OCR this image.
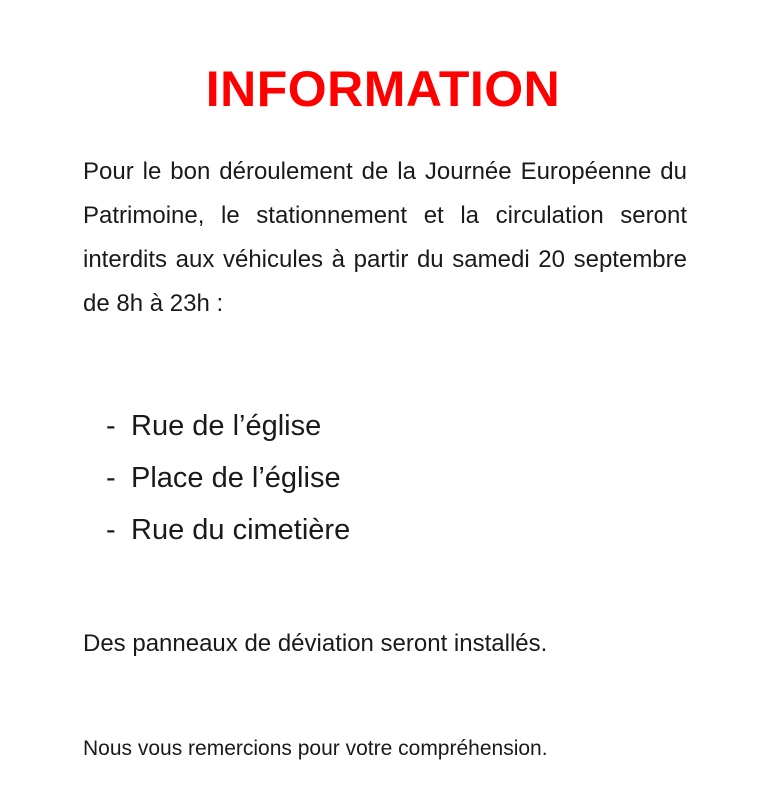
INFORMATION

Pour le bon déroulement de la Journée Européenne du Patrimoine, le stationnement et la circulation seront interdits aux véhicules à partir du samedi 20 septembre de 8h à 23h :

- Rue de l’église
- Place de l’église
- Rue du cimetière

Des panneaux de déviation seront installés.

Nous vous remercions pour votre compréhension.
